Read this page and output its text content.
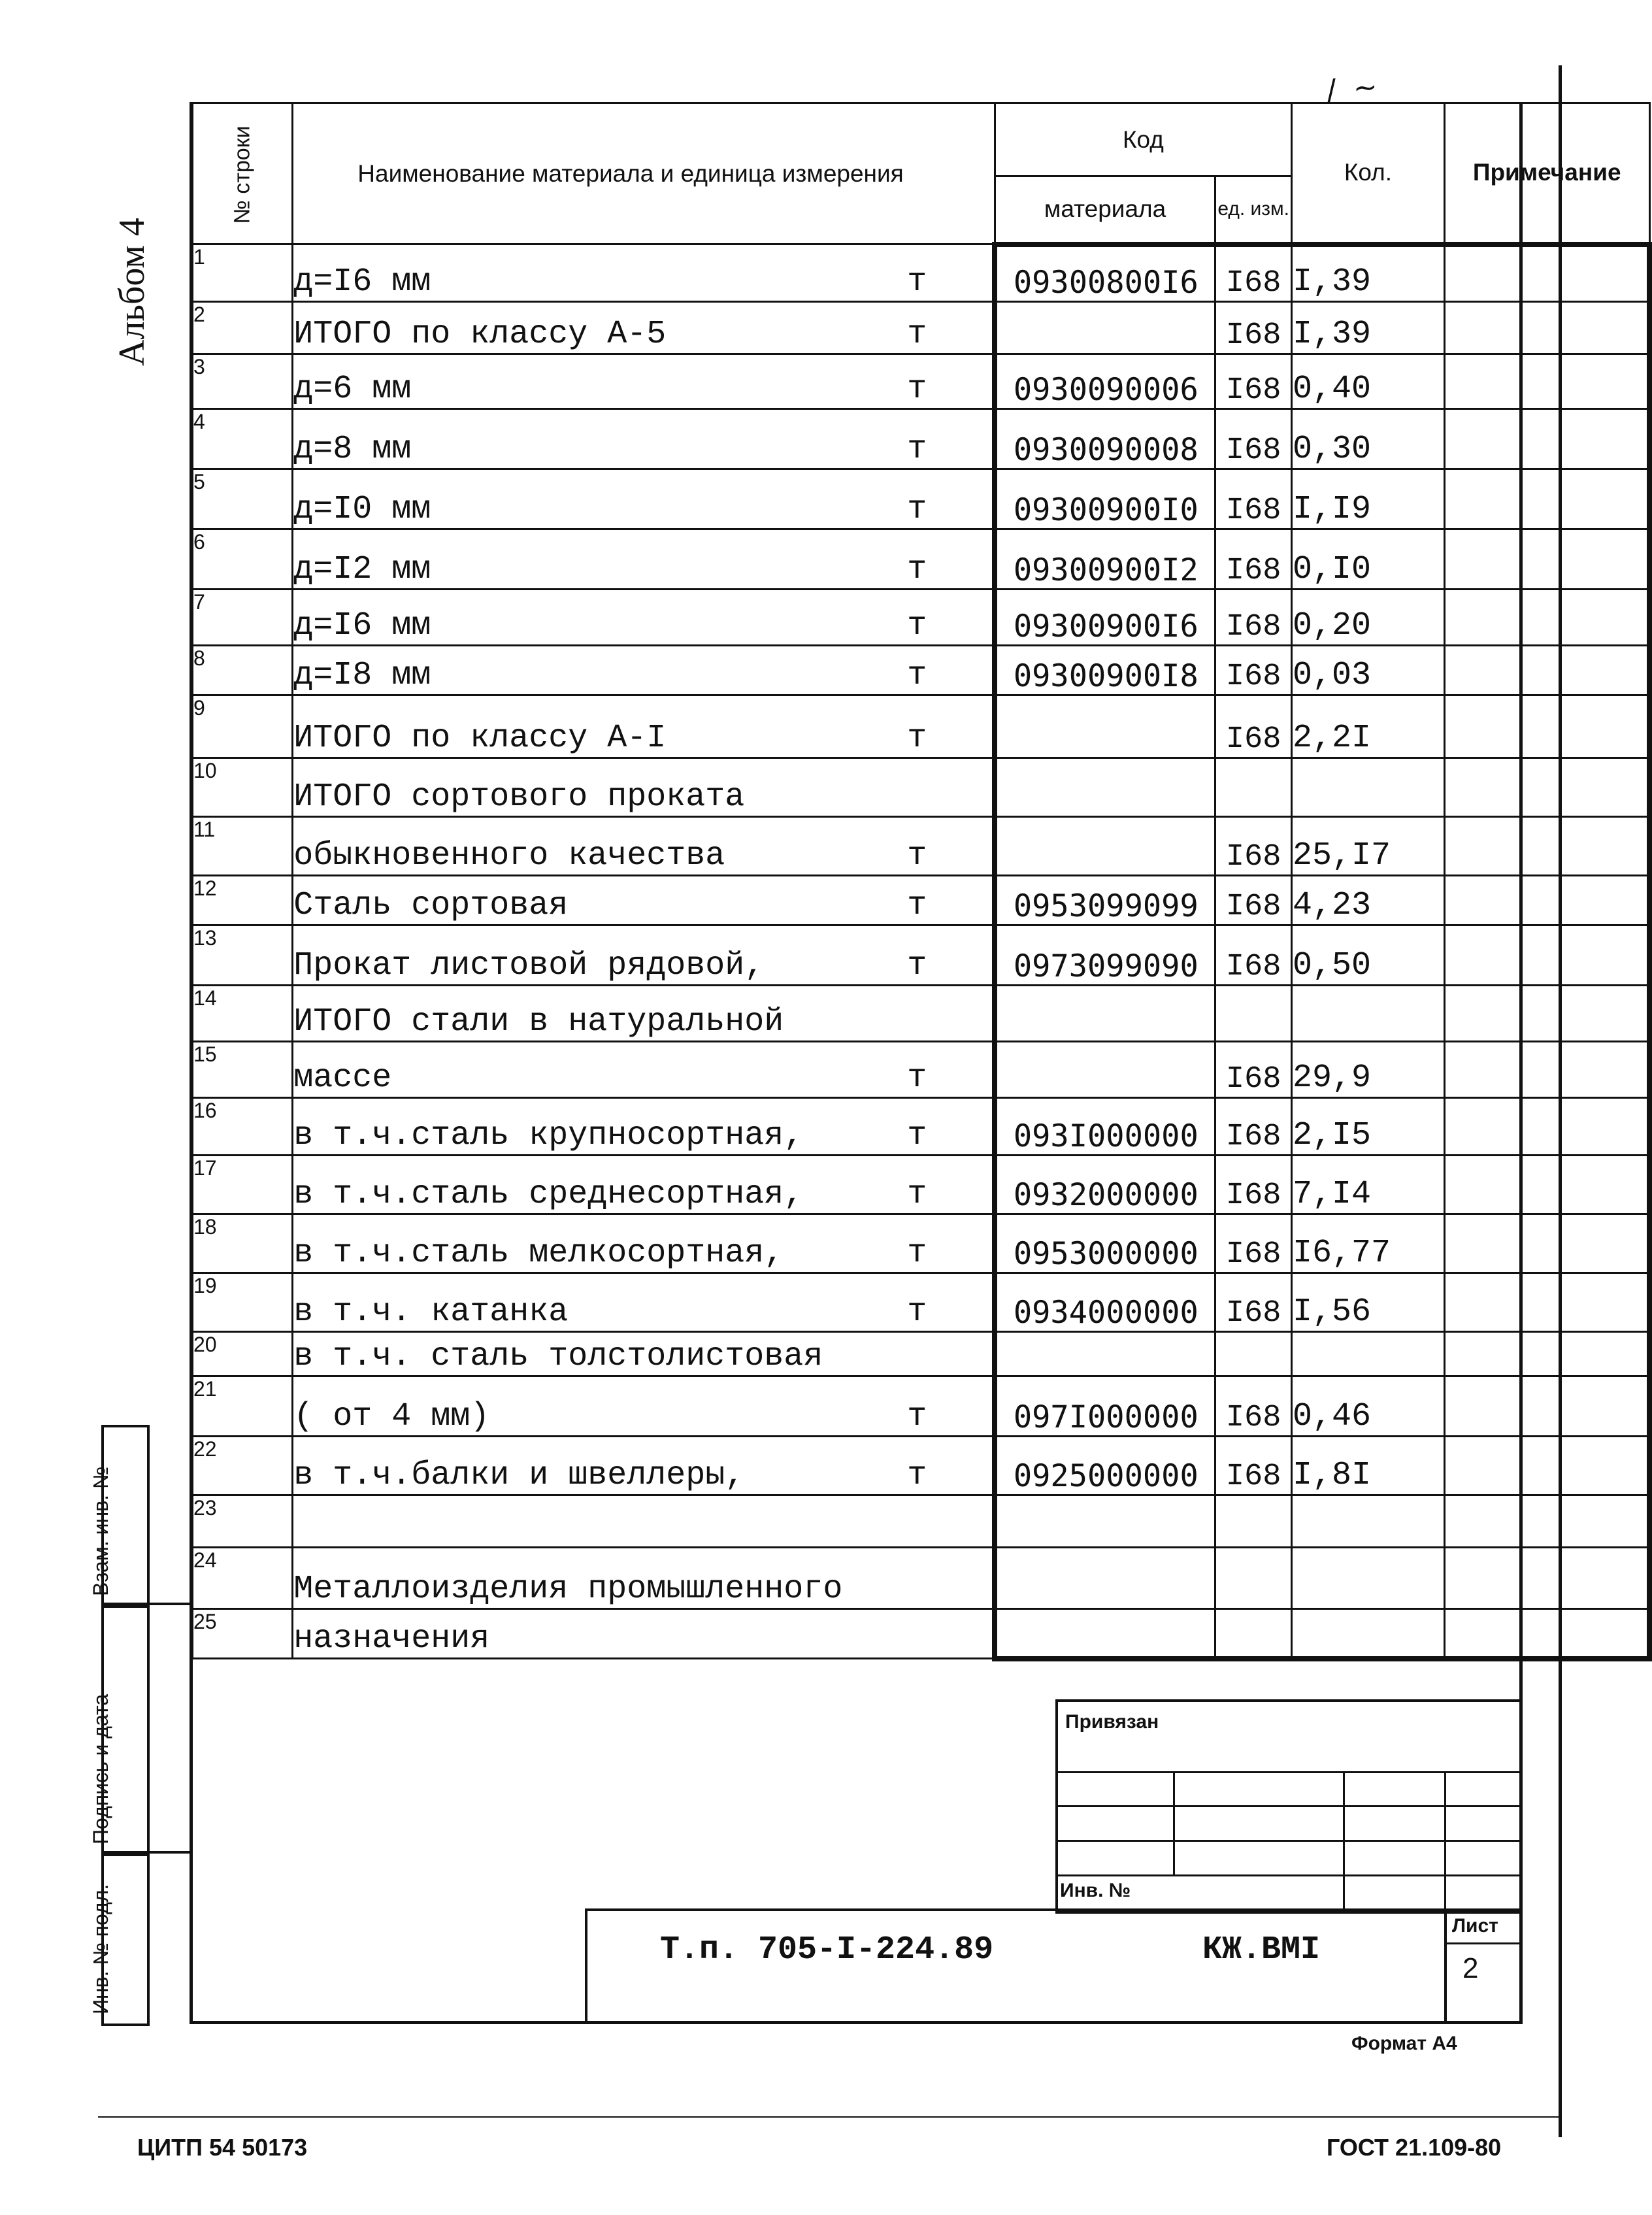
/ ~
Альбом 4
№ строки	Наименование материала и единица измерения	Код		Кол.	Примечание
		материала	ед. изм.		
1	д=I6 мм т	09300800I6	I68	I,39	
2	ИТОГО по классу А-5 т		I68	I,39	
3	д=6 мм т	0930090006	I68	0,40	
4	д=8 мм т	0930090008	I68	0,30	
5	д=I0 мм т	09300900I0	I68	I,I9	
6	д=I2 мм т	09300900I2	I68	0,I0	
7	д=I6 мм т	09300900I6	I68	0,20	
8	д=I8 мм т	09300900I8	I68	0,03	
9	ИТОГО по классу А-I т		I68	2,2I	
10	ИТОГО сортового проката				

11	обыкновенного качества т		I68	25,I7	
12	Сталь сортовая т	0953099099	I68	4,23	
13	Прокат листовой рядовой, т	0973099090	I68	0,50	
14	ИТОГО стали в натуральной				

15	массе т		I68	29,9	
16	в т.ч.сталь крупносортная, т	093I000000	I68	2,I5	
17	в т.ч.сталь среднесортная, т	0932000000	I68	7,I4	
18	в т.ч.сталь мелкосортная, т	0953000000	I68	I6,77	
19	в т.ч. катанка т	0934000000	I68	I,56	
20	в т.ч. сталь толстолистовая				

21	( от 4 мм) т	097I000000	I68	0,46	
22	в т.ч.балки и швеллеры, т	0925000000	I68	I,8I	
23	

24	Металлоизделия промышленного				

25	назначения				

Взам. инв. №
Подпись и дата
Инв. № подл.
Привязан
Инв. №
Т.п. 705-I-224.89	КЖ.ВМI
Лист
2
Формат А4
ЦИТП 54 50173	ГОСТ 21.109-80
